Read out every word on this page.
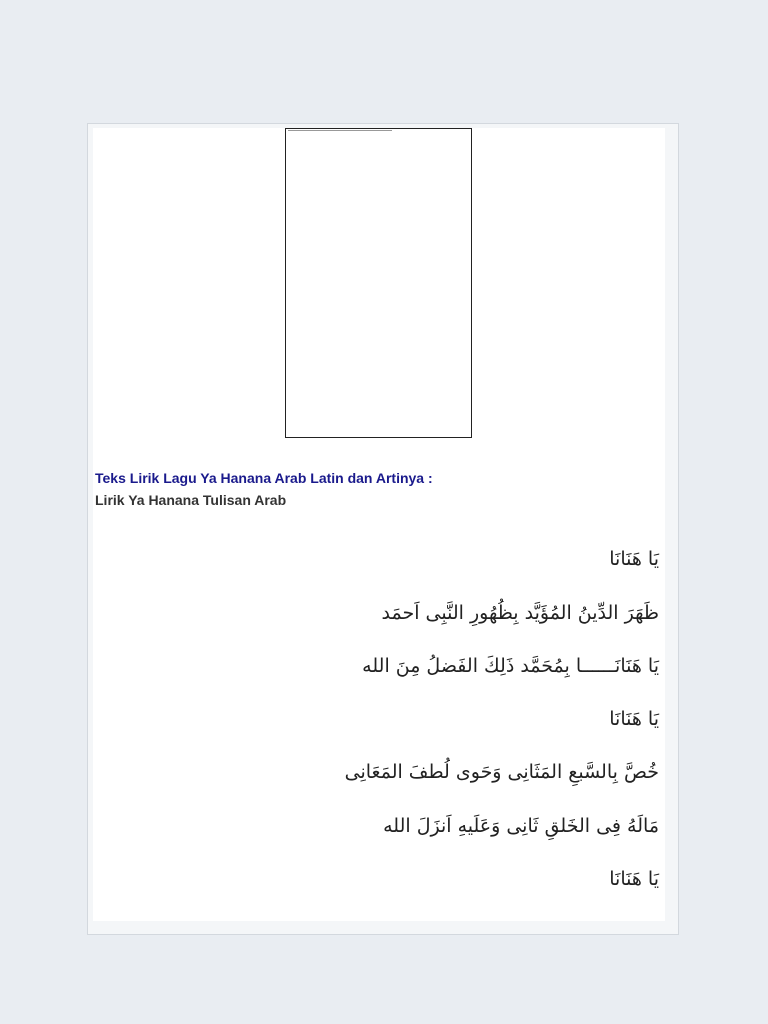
Teks Lirik Lagu Ya Hanana Arab Latin dan Artinya :

Lirik Ya Hanana Tulisan Arab

يَا هَنَانَا

ظَهَرَ الدِّينُ المُؤَيَّد بِظُهُورِ النَّبِى اَحمَد

يَا هَنَانَــــــا بِمُحَمَّد ذَلِكَ الفَضلُ مِنَ الله

يَا هَنَانَا

خُصَّ بِالسَّبعِ المَثَانِى وَحَوى لُطفَ المَعَانِى

مَالَهُ فِى الخَلقِ ثَانِى وَعَلَيهِ اَنزَلَ الله

يَا هَنَانَا
